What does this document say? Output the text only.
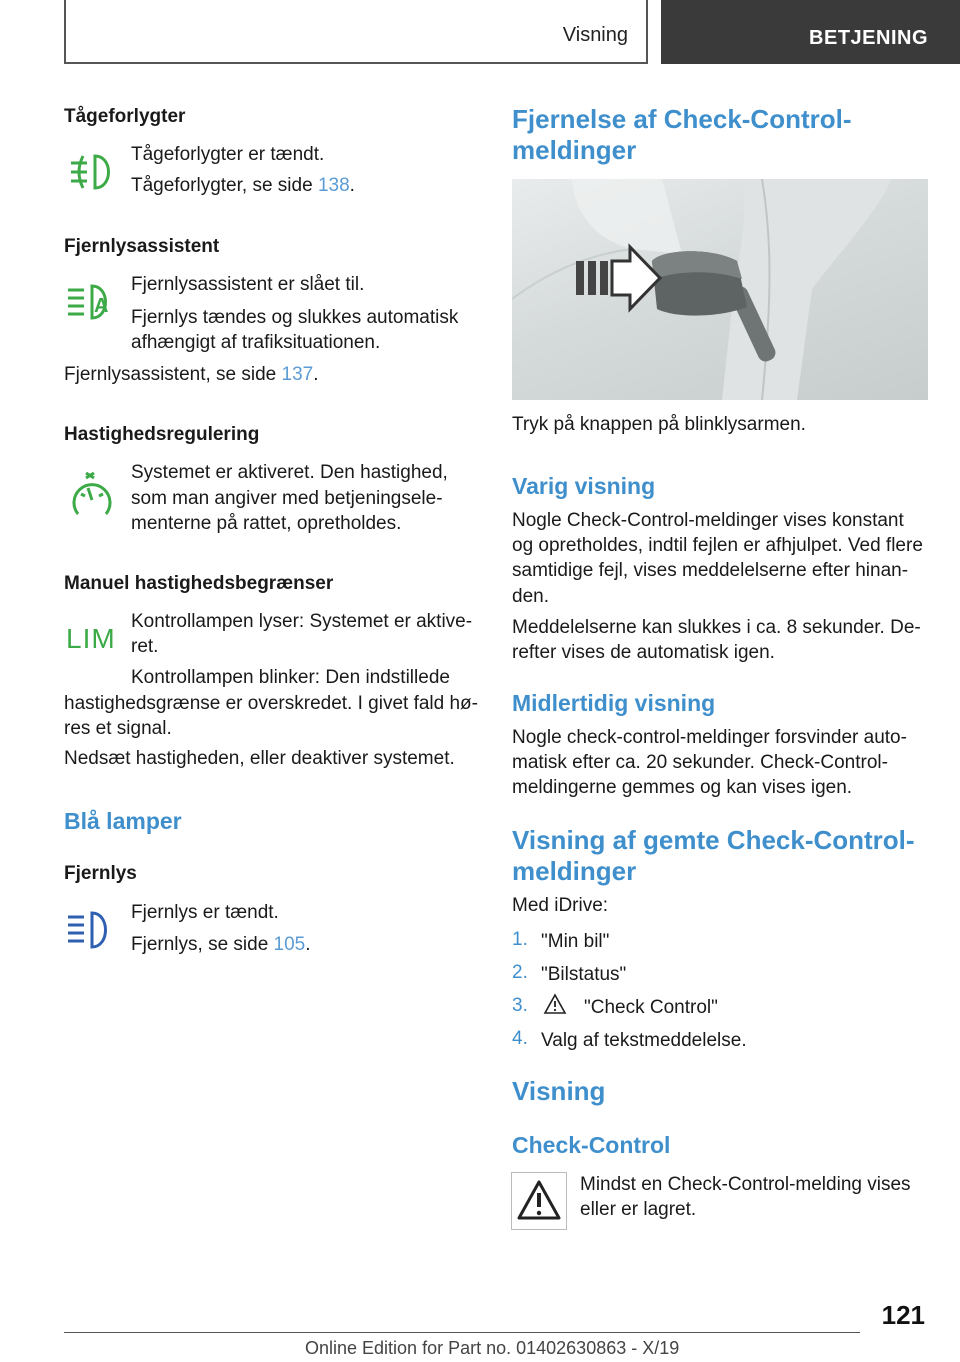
Visning	BETJENING
Tågeforlygter
Tågeforlygter er tændt.
Tågeforlygter, se side 138.
Fjernlysassistent
A
Fjernlysassistent er slået til.
Fjernlys tændes og slukkes automatisk
afhængigt af trafiksituationen.
Fjernlysassistent, se side 137.
Hastighedsregulering
Systemet er aktiveret. Den hastighed,
som man angiver med betjeningsele‐
menterne på rattet, opretholdes.
Manuel hastighedsbegrænser
LIM
Kontrollampen lyser: Systemet er aktive‐
ret.
Kontrollampen blinker: Den indstillede
hastighedsgrænse er overskredet. I givet fald hø‐
res et signal.
Nedsæt hastigheden, eller deaktiver systemet.
Blå lamper
Fjernlys
Fjernlys er tændt.
Fjernlys, se side 105.
Fjernelse af Check-Control-
meldinger
Tryk på knappen på blinklysarmen.
Varig visning
Nogle Check-Control-meldinger vises konstant
og opretholdes, indtil fejlen er afhjulpet. Ved flere
samtidige fejl, vises meddelelserne efter hinan‐
den.
Meddelelserne kan slukkes i ca. 8 sekunder. De‐
refter vises de automatisk igen.
Midlertidig visning
Nogle check-control-meldinger forsvinder auto‐
matisk efter ca. 20 sekunder. Check-Control-
meldingerne gemmes og kan vises igen.
Visning af gemte Check-Control-
meldinger
Med iDrive:
1. "Min bil"
2. "Bilstatus"
3.	"Check Control"
4. Valg af tekstmeddelelse.
Visning
Check-Control
Mindst en Check-Control-melding vises
eller er lagret.
121
Online Edition for Part no. 01402630863 - X/19
